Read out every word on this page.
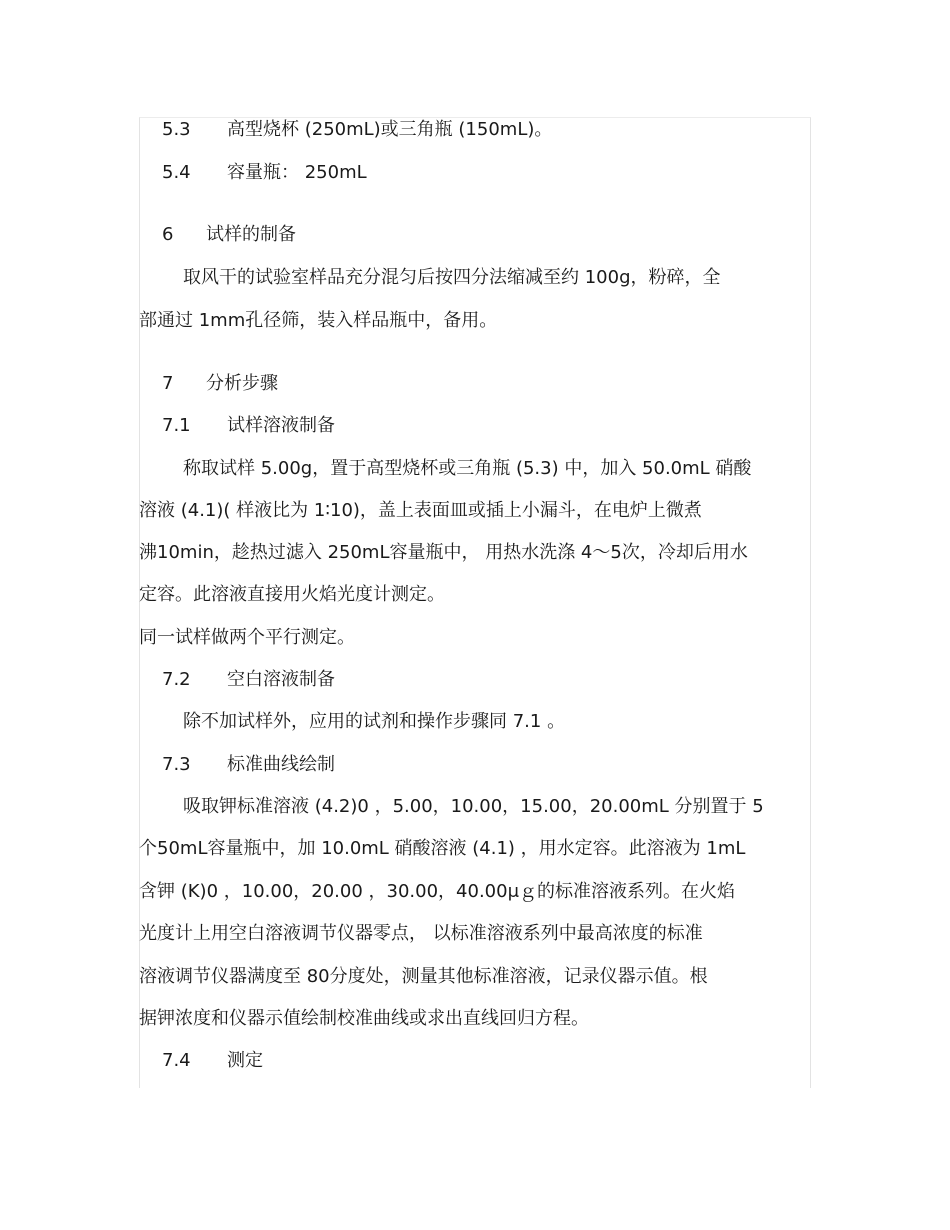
5.3 高型烧杯 (250mL)或三角瓶 (150mL)。
5.4 容量瓶： 250mL
6 试样的制备
取风干的试验室样品充分混匀后按四分法缩减至约 100g，粉碎，全
部通过 1mm孔径筛，装入样品瓶中，备用。
7 分析步骤
7.1 试样溶液制备
称取试样 5.00g，置于高型烧杯或三角瓶 (5.3) 中，加入 50.0mL 硝酸
溶液 (4.1)( 样液比为 1∶10)，盖上表面皿或插上小漏斗，在电炉上微煮
沸10min，趁热过滤入 250mL容量瓶中， 用热水洗涤 4～5次，冷却后用水
定容。此溶液直接用火焰光度计测定。
同一试样做两个平行测定。
7.2 空白溶液制备
除不加试样外，应用的试剂和操作步骤同 7.1 。
7.3 标准曲线绘制
吸取钾标准溶液 (4.2)0 ，5.00，10.00，15.00，20.00mL 分别置于 5
个50mL容量瓶中，加 10.0mL 硝酸溶液 (4.1) ，用水定容。此溶液为 1mL
含钾 (K)0 ，10.00，20.00 ，30.00，40.00μｇ的标准溶液系列。在火焰
光度计上用空白溶液调节仪器零点， 以标准溶液系列中最高浓度的标准
溶液调节仪器满度至 80分度处，测量其他标准溶液，记录仪器示值。根
据钾浓度和仪器示值绘制校准曲线或求出直线回归方程。
7.4 测定
